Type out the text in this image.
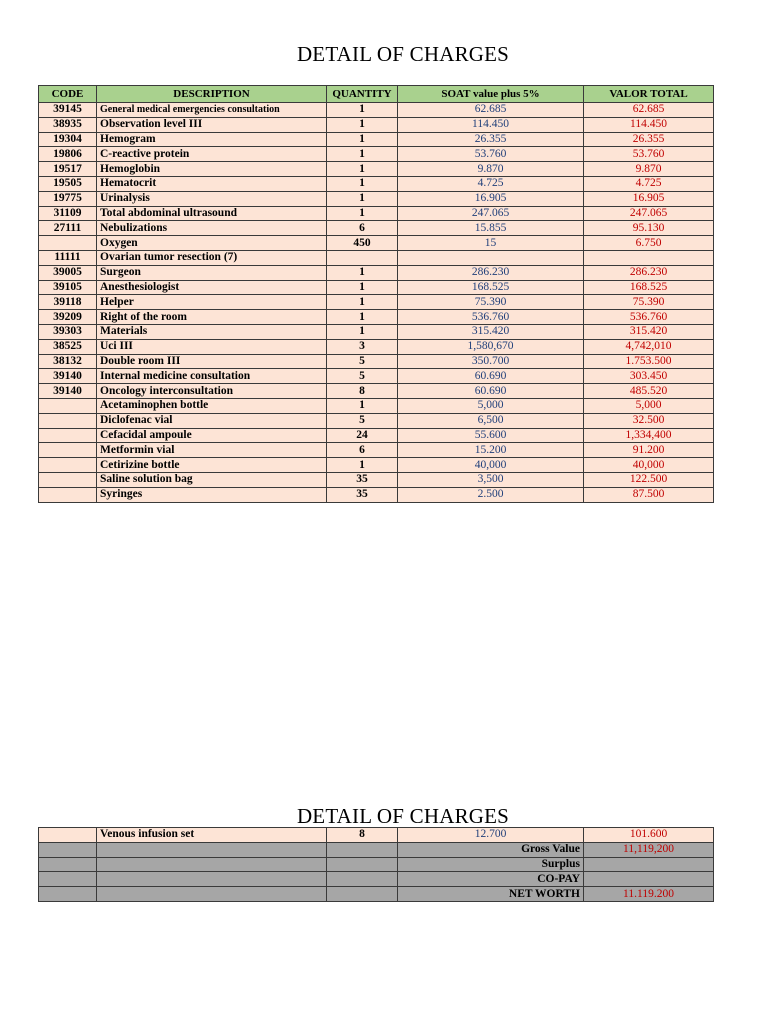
DETAIL OF CHARGES
CODE	DESCRIPTION	QUANTITY	SOAT value plus 5%	VALOR TOTAL
39145	General medical emergencies consultation	1	62.685	62.685
38935	Observation level III	1	114.450	114.450
19304	Hemogram	1	26.355	26.355
19806	C-reactive protein	1	53.760	53.760
19517	Hemoglobin	1	9.870	9.870
19505	Hematocrit	1	4.725	4.725
19775	Urinalysis	1	16.905	16.905
31109	Total abdominal ultrasound	1	247.065	247.065
27111	Nebulizations	6	15.855	95.130
	Oxygen	450	15	6.750
11111	Ovarian tumor resection (7)			
39005	Surgeon	1	286.230	286.230
39105	Anesthesiologist	1	168.525	168.525
39118	Helper	1	75.390	75.390
39209	Right of the room	1	536.760	536.760
39303	Materials	1	315.420	315.420
38525	Uci III	3	1,580,670	4,742,010
38132	Double room III	5	350.700	1.753.500
39140	Internal medicine consultation	5	60.690	303.450
39140	Oncology interconsultation	8	60.690	485.520
	Acetaminophen bottle	1	5,000	5,000
	Diclofenac vial	5	6,500	32.500
	Cefacidal ampoule	24	55.600	1,334,400
	Metformin vial	6	15.200	91.200
	Cetirizine bottle	1	40,000	40,000
	Saline solution bag	35	3,500	122.500
	Syringes	35	2.500	87.500
DETAIL OF CHARGES
	Venous infusion set	8	12.700	101.600
			Gross Value	11,119,200
			Surplus	
			CO-PAY	
			NET WORTH	11.119.200
